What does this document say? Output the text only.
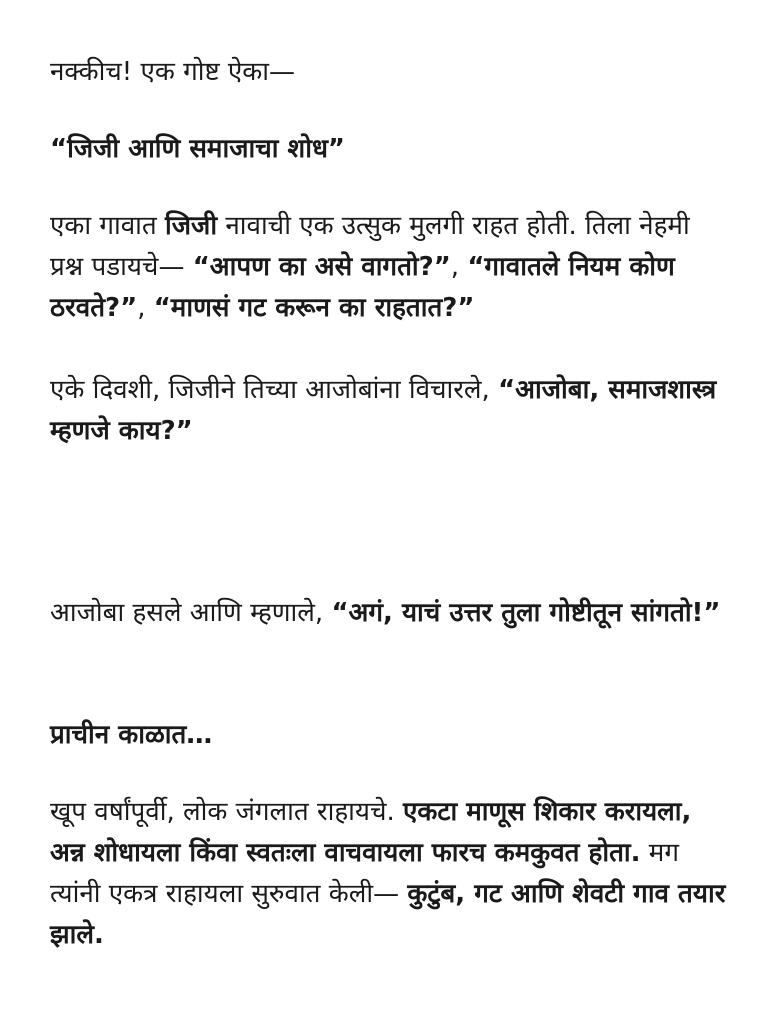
नक्कीच! एक गोष्ट ऐका—

“जिजी आणि समाजाचा शोध”

एका गावात जिजी नावाची एक उत्सुक मुलगी राहत होती. तिला नेहमी प्रश्न पडायचे— “आपण का असे वागतो?”, “गावातले नियम कोण ठरवते?”, “माणसं गट करून का राहतात?”

एके दिवशी, जिजीने तिच्या आजोबांना विचारले, “आजोबा, समाजशास्त्र म्हणजे काय?”

आजोबा हसले आणि म्हणाले, “अगं, याचं उत्तर तुला गोष्टीतून सांगतो!”

प्राचीन काळात…

खूप वर्षांपूर्वी, लोक जंगलात राहायचे. एकटा माणूस शिकार करायला, अन्न शोधायला किंवा स्वतःला वाचवायला फारच कमकुवत होता. मग त्यांनी एकत्र राहायला सुरुवात केली— कुटुंब, गट आणि शेवटी गाव तयार झाले.
